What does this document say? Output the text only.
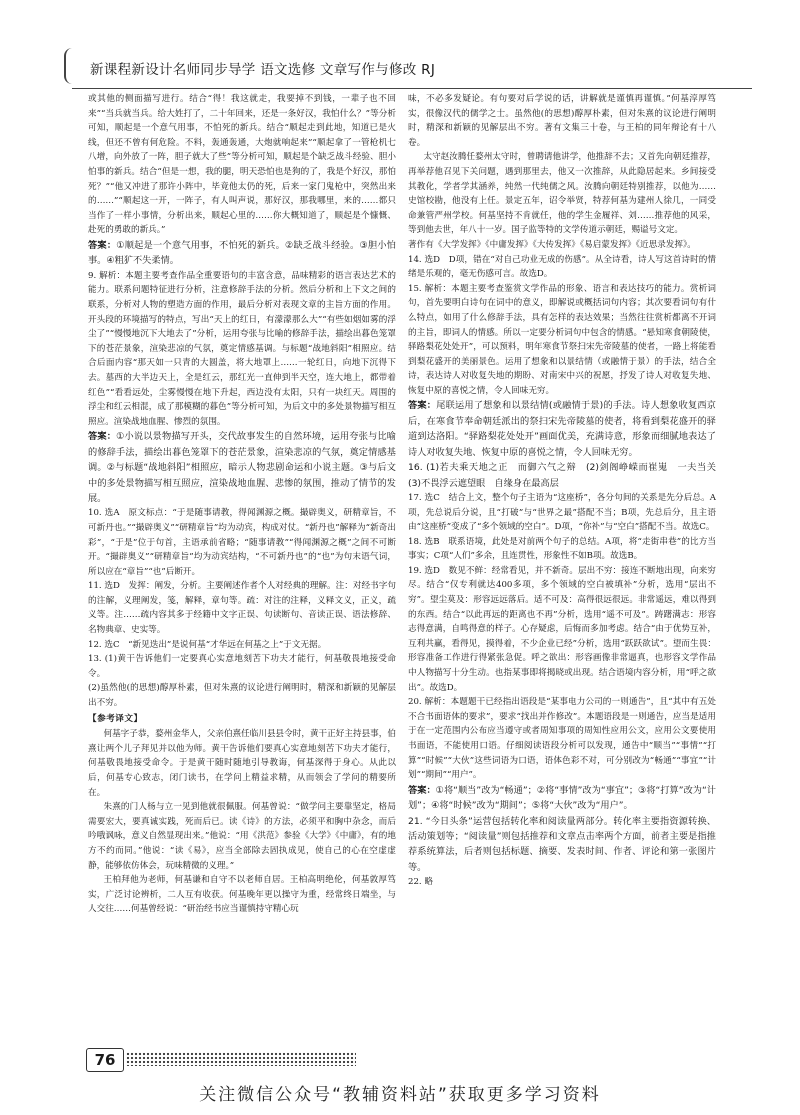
新课程新设计名师同步导学 语文选修 文章写作与修改 RJ

或其他的侧面描写进行。结合“得！我这就走，我要掉不到钱，一辈子也不回来”“当兵就当兵。给大姓打了，二十年回来，还是一条好汉，我怕什么？”等分析可知，顺起是一个意气用事，不怕死的新兵。结合“顺起走到此地，知道已是火线，但还不曾有何危险。不料，轰通轰通，大炮就响起来”“顺起拿了一管枪机七八增，向外放了一阵，胆子就大了些”等分析可知，顺起是个缺乏战斗经验、胆小怕事的新兵。结合“但是一想，我的腿，明天恐怕也是狗的了，我是个好汉，那怕死？”“他又冲进了那许小阵中，毕竟他太仍的死，后来一家门鬼枪中，突然出来的……”“顺起这一开，一阵子，有人叫声说，那好汉，那我哪里，来的……都只当作了一样小事情，分析出来，顺起心里的……你大概知道了，顺起是个慷慨、赴死的勇敢的新兵。”

答案：①顺起是一个意气用事，不怕死的新兵。②缺乏战斗经验。③胆小怕事。④粗犷不失柔情。

9. 解析：本题主要考查作品全重要语句的丰富含意，品味精彩的语言表达艺术的能力。联系问题特征进行分析，注意修辞手法的分析。然后分析和上下文之间的联系，分析对人物的塑造方面的作用，最后分析对表现文章的主旨方面的作用。开头段的环境描写的特点，写出“天上的红日，有濛濛那么大”“有些如烟如雾的浮尘了”“慢慢地沉下大地去了”分析，运用夸张与比喻的修辞手法，描绘出暮色笼罩下的苍茫景象，渲染悲凉的气氛，奠定情感基调。与标题“战地斜阳”相照应。结合后面内容“那天如一只青的大圆盖，将大地罩上……一轮红日，向地下沉得下去。墓西的大半边天上，全是红云，那红光一直伸到半天空，连大地上，都带着红色”“看看远处，尘雾慢慢在地下升起，西边没有太阳，只有一块红天。周围的浮尘和红云相混，成了那模糊的暮色”等分析可知，为后文中的多处景物描写相互照应。渲染战地血腥、惨烈的氛围。

答案：①小说以景物描写开头，交代故事发生的自然环境，运用夸张与比喻的修辞手法，描绘出暮色笼罩下的苍茫景象，渲染悲凉的气氛，奠定情感基调。②与标题“战地斜阳”相照应，暗示人物悲剧命运和小说主题。③与后文中的多处景物描写相互照应，渲染战地血腥、悲惨的氛围，推动了情节的发展。

10. 选A　原文标点：“于是随事请教，得闻渊源之概。撮辟奥义，研精章旨，不可新丹也。”“撮辟奥义”“研精章旨”均为动宾，构成对仗。“新丹也”解释为“新奇出彩”，“于是”位于句首，主语承前省略；“随事请教”“得闻渊源之概”之间不可断开。“撮辟奥义”“研精章旨”均为动宾结构，“不可新丹也”的“也”为句末语气词，所以应在“章旨”“也”后断开。

11. 选D　发挥：阐发，分析。主要阐述作者个人对经典的理解。注：对经书字句的注解，义理阐发，笺，解释，章句等。疏：对注的注释，义释文义，正义，疏义等。注……疏内容其多于经籍中文字正误、句读断句、音读正误、语法修辞、名物典章、史实等。

12. 选C　“新见迭出”是说何基“才华远在何基之上”于文无据。

13. (1)黄干告诉他们一定要真心实意地刻苦下功夫才能行，何基敬畏地接受命令。

(2)虽然他(的思想)醇厚朴素，但对朱熹的议论进行阐明时，精深和新颖的见解层出不穷。

【参考译文】

何基字子恭，婺州金华人，父亲伯熹任临川县县令时，黄干正好主持县事，伯熹让两个儿子拜见并以他为师。黄干告诉他们要真心实意地刻苦下功夫才能行，何基敬畏地接受命令。于是黄干随时随地引导教诲，何基深得于身心。从此以后，何基专心致志，闭门读书，在学问上精益求精，从而领会了学问的精要所在。

朱熹的门人杨与立一见到他就很佩服。何基曾说：“做学问主要靠坚定，格局需要宏大，要真诚实践，死而后已。读《诗》的方法，必须平和胸中杂念，而后吟哦讽咏，意义自然显现出来。”他说：“用《洪范》参验《大学》《中庸》，有的地方不约而同。”他说：“读《易》，应当全部除去固执成见，使自己的心在空虚虚静，能够依仿体会，玩味精微的义理。”

王柏拜他为老师，何基谦和自守不以老师自居。王柏高明绝伦，何基敦厚笃实，广泛讨论辨析，二人互有收获。何基晚年更以操守为重，经常终日端坐，与人交往……何基曾经说：“研治经书应当谨慎持守精心玩

味，不必多发疑论。有句要对后学说的话，讲解就是谨慎再谨慎。”何基淳厚笃实，很像汉代的儒学之士。虽然他(的思想)醇厚朴素，但对朱熹的议论进行阐明时，精深和新颖的见解层出不穷。著有文集三十卷，与王柏的同年辩论有十八卷。

太守赵汝腾任婺州太守时，曾聘请他讲学，他推辞不去；又首先向朝廷推荐，再举荐他召见下关问题，遇到那里去，他又一次推辞，从此隐居起来。乡间接受其教化，学者学其涵养，纯然一代纯儒之风。汝腾向朝廷特别推荐，以他为……史馆校勘，他没有上任。景定五年，诏令举贤，特荐何基为建州人徐几，一同受命兼管严州学校。何基坚持不肯就任，他的学生金履祥、刘……推荐他的风采，等到他去世，年八十一岁。国子监等特的文学传道示朝廷，赐谥号文定。

著作有《大学发挥》《中庸发挥》《大传发挥》《易启蒙发挥》《近思录发挥》。

14. 选D　D项，错在“对自己功业无成的伤感”。从全诗看，诗人写这首诗时的情绪是乐观的，毫无伤感可言。故选D。

15. 解析：本题主要考查鉴赏文学作品的形象、语言和表达技巧的能力。赏析词句，首先要明白诗句在词中的意义，即解说或概括词句内容；其次要看词句有什么特点，如用了什么修辞手法，具有怎样的表达效果；当然往往赏析都离不开词的主旨，即词人的情感。所以一定要分析词句中包含的情感。“悬知寒食朝陵使，驿路梨花处处开”，可以预料，明年寒食节祭扫宋先帝陵墓的使者，一路上将能看到梨花盛开的美丽景色。运用了想象和以景结情（或融情于景）的手法，结合全诗，表达诗人对收复失地的期盼、对南宋中兴的祝愿，抒发了诗人对收复失地、恢复中原的喜悦之情，令人回味无穷。

答案：尾联运用了想象和以景结情(或融情于景)的手法。诗人想象收复西京后，在寒食节奉命朝廷派出的祭扫宋先帝陵墓的使者，将看到梨花盛开的驿道到达洛阳。“驿路梨花处处开”画面优美，充满诗意，形象而细腻地表达了诗人对收复失地、恢复中原的喜悦之情，令人回味无穷。

16. (1)若夫乘天地之正　而御六气之辩　(2)剑阁峥嵘而崔嵬　一夫当关　(3)不畏浮云遮望眼　自缘身在最高层

17. 选C　结合上文，整个句子主语为“这座桥”，各分句间的关系是先分后总。A项，先总说后分说，且“打破”与“世界之最”搭配不当；B项，先总后分，且主语由“这座桥”变成了“多个领域的空白”。D项，“你补”与“空白”搭配不当。故选C。

18. 选B　联系语境，此处是对前两个句子的总结。A项，将“走街串巷”的比方当事实；C项“人们”多余，且连贯性，形象性不如B项。故选B。

19. 选D　数见不鲜：经常看见，并不新奇。层出不穷：接连不断地出现，向来穷尽。结合“仅专利就达400多项，多个领域的空白被填补”分析，选用“层出不穷”。望尘莫及：形容远远落后。适不可及：高得很远很远。非常遥远，难以得到的东西。结合“以此再远的距离也不再”分析，选用“遥不可及”。踌躇满志：形容志得意满，自鸣得意的样子。心存疑虑，后悔而多加考虑。结合“由于优势互补，互利共赢，看得见，摸得着，不少企业已经”分析，选用“跃跃欲试”。望而生畏：形容准备工作进行得紧张急促。呼之欲出：形容画像非常逼真，也形容文学作品中人物描写十分生动。也指某事即将揭晓或出现。结合语境内容分析，用“呼之欲出”。故选D。

20. 解析：本题题干已经指出语段是“某事电力公司的一则通告”，且“其中有五处不合书面语体的要求”，要求“找出并作修改”。本题语段是一则通告，应当是适用于在一定范围内公布应当遵守或者周知事项的周知性应用公文，应用公文要使用书面语，不能使用口语。仔细阅读语段分析可以发现，通告中“顺当”“事情”“打算”“时候”“大伙”这些词语为口语，语体色彩不对，可分别改为“畅通”“事宜”“计划”“期间”“用户”。

答案：①将“顺当”改为“畅通”；②将“事情”改为“事宜”；③将“打算”改为“计划”；④将“时候”改为“期间”；⑤将“大伙”改为“用户”。

21. “今日头条”运营包括转化率和阅读量两部分。转化率主要指资源转换、活动策划等；“阅读量”则包括推荐和文章点击率两个方面，前者主要是指推荐系统算法，后者则包括标题、摘要、发表时间、作者、评论和第一张图片等。

22. 略

76
关注微信公众号“教辅资料站”获取更多学习资料
